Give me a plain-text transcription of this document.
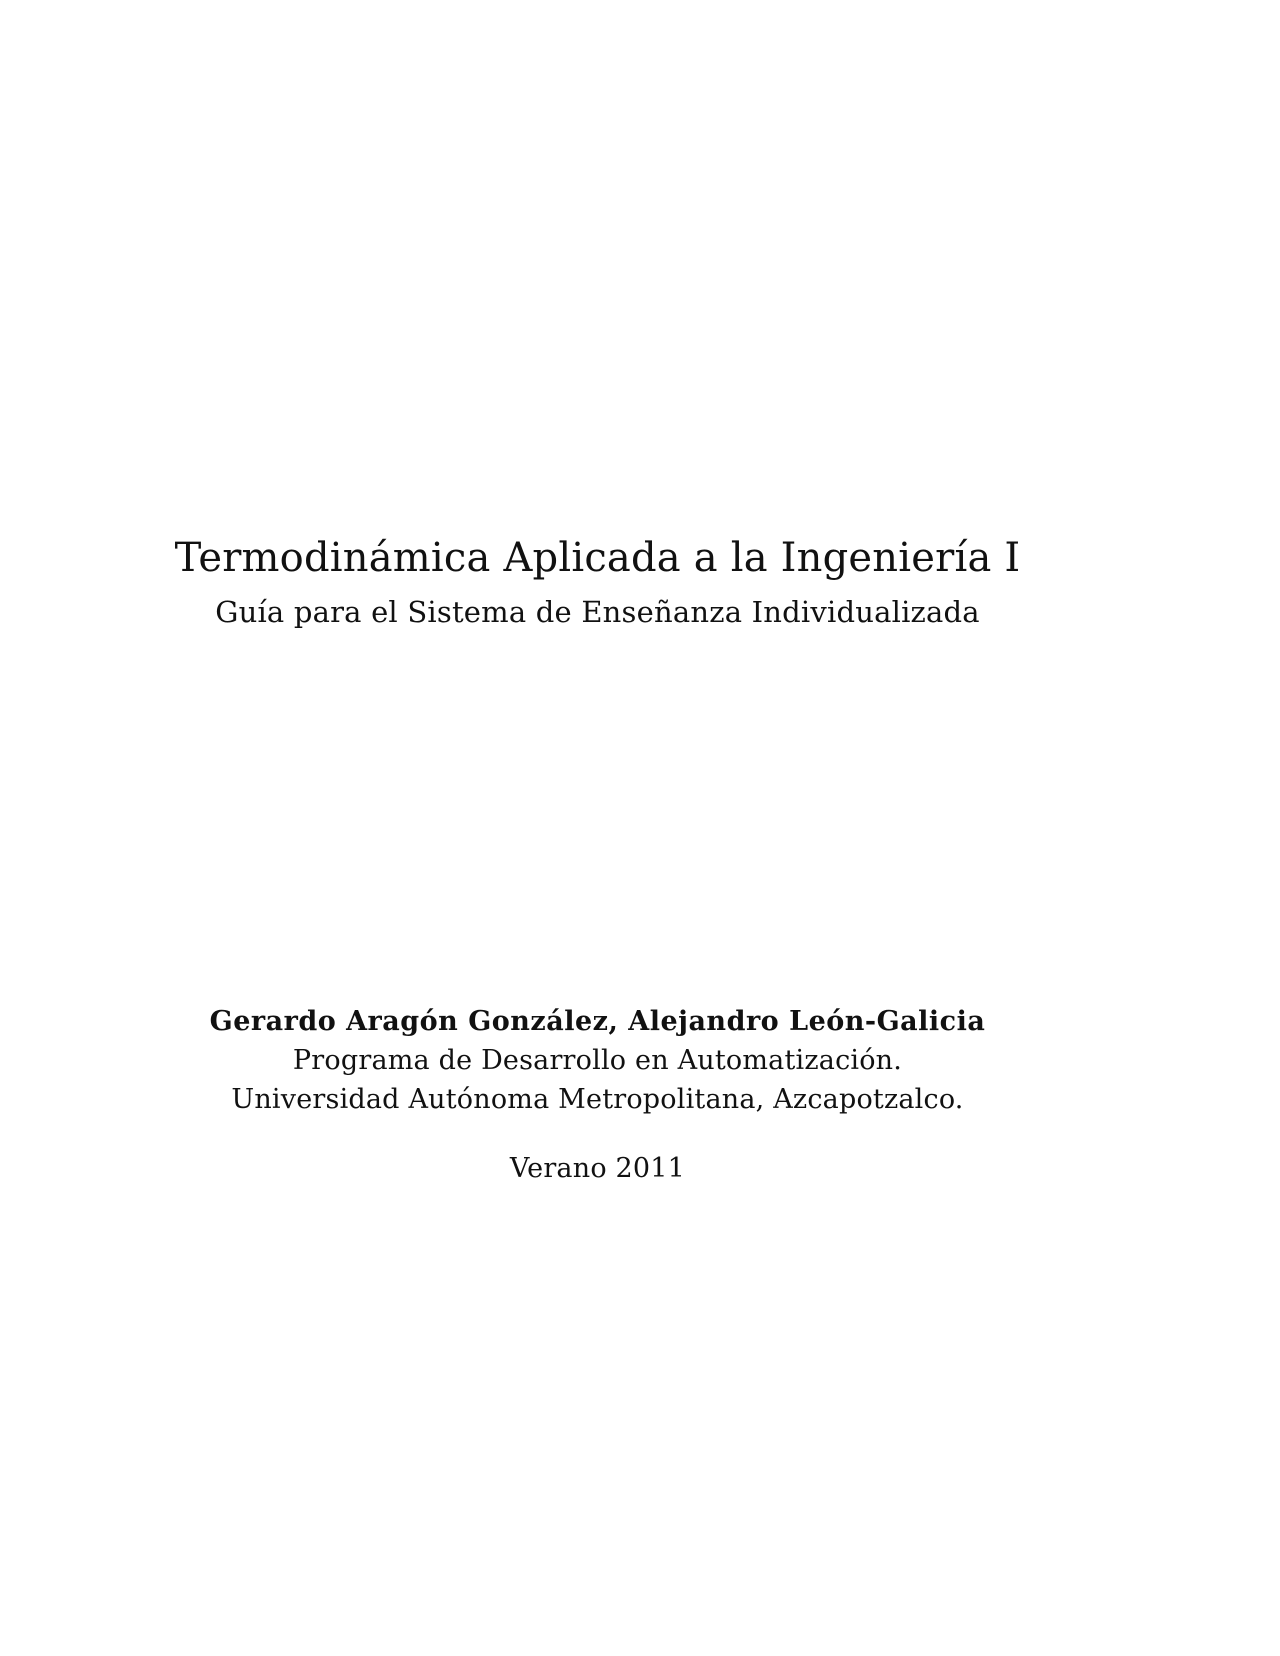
Termodinámica Aplicada a la Ingeniería I
Guía para el Sistema de Enseñanza Individualizada
Gerardo Aragón González, Alejandro León-Galicia
Programa de Desarrollo en Automatización.
Universidad Autónoma Metropolitana, Azcapotzalco.
Verano 2011
